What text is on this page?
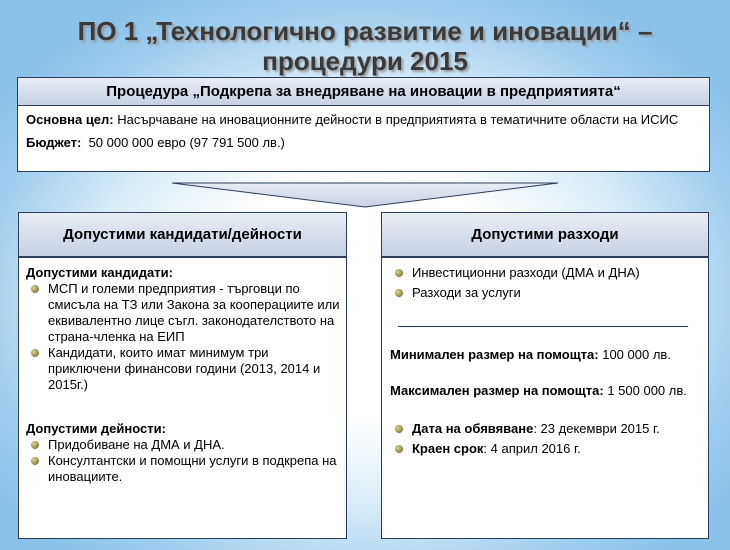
ПО 1 „Технологично развитие и иновации“ – процедури 2015
Процедура „Подкрепа за внедряване на иновации в предприятията“

Основна цел: Насърчаване на иновационните дейности в предприятията в тематичните области на ИСИС

Бюджет: 50 000 000 евро (97 791 500 лв.)

Допустими кандидати/дейности
Допустими кандидати:
МСП и големи предприятия - търговци по смисъла на ТЗ или Закона за кооперациите или еквивалентно лице съгл. законодателството на страна-членка на ЕИП
Кандидати, които имат минимум три приключени финансови години (2013, 2014 и 2015г.)
Допустими дейности:
Придобиване на ДМА и ДНА.
Консултантски и помощни услуги в подкрепа на иновациите.
Допустими разходи
Инвестиционни разходи (ДМА и ДНА)
Разходи за услуги
Минимален размер на помощта: 100 000 лв.
Максимален размер на помощта: 1 500 000 лв.
Дата на обявяване: 23 декември 2015 г.
Краен срок: 4 април 2016 г.
